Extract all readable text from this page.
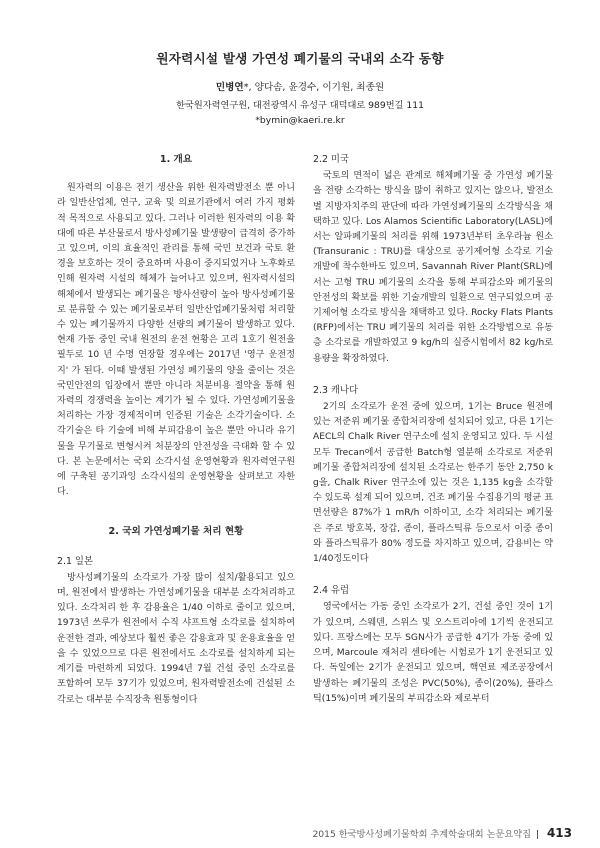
원자력시설 발생 가연성 폐기물의 국내외 소각 동향
민병연*, 양다솜, 윤경수, 이기원, 최종원
한국원자력연구원, 대전광역시 유성구 대덕대로 989번길 111
*bymin@kaeri.re.kr
1. 개요

원자력의 이용은 전기 생산을 위한 원자력발전소 뿐 아니라 일반산업체, 연구, 교육 및 의료기관에서 여러 가지 평화적 목적으로 사용되고 있다. 그러나 이러한 원자력의 이용 확대에 따른 부산물로서 방사성폐기물 발생량이 급격히 증가하고 있으며, 이의 효율적인 관리를 통해 국민 보건과 국토 환경을 보호하는 것이 중요하며 사용이 중지되었거나 노후화로 인해 원자력 시설의 해체가 늘어나고 있으며, 원자력시설의 해체에서 발생되는 폐기물은 방사선량이 높아 방사성폐기물로 분류할 수 있는 폐기물로부터 일반산업폐기물처럼 처리할 수 있는 폐기물까지 다양한 선량의 폐기물이 발생하고 있다. 현재 가동 중인 국내 원전의 운전 현황은 고리 1호기 원전을 필두로 10 년 수명 연장할 경우에는 2017년 '영구 운전정지' 가 된다. 이때 발생된 가연성 폐기물의 양을 줄이는 것은 국민안전의 입장에서 뿐만 아니라 처분비용 절약을 통해 원자력의 경쟁력을 높이는 계기가 될 수 있다. 가연성폐기물을 처리하는 가장 경제적이며 인증된 기술은 소각기술이다. 소각기술은 타 기술에 비해 부피감용이 높은 뿐만 아니라 유기물을 무기물로 변형시켜 처분장의 안전성을 극대화 할 수 있다. 본 논문에서는 국외 소각시설 운영현황과 원자력연구원에 구축된 공기과잉 소각시설의 운영현황을 살펴보고 자한다.

2. 국외 가연성폐기물 처리 현황
2.1 일본

방사성폐기물의 소각로가 가장 많이 설치/활용되고 있으며, 원전에서 발생하는 가연성폐기물을 대부분 소각처리하고 있다. 소각처리 한 후 감용율은 1/40 이하로 줄이고 있으며, 1973년 쓰루가 원전에서 수직 샤프트형 소각로를 설치하여 운전한 결과, 예상보다 훨씬 좋은 감용효과 및 운용효율을 얻을 수 있었으므로 다른 원전에서도 소각로를 설치하게 되는 계기를 마련하게 되었다. 1994년 7월 건설 중인 소각로를 포함하여 모두 37기가 있었으며, 원자력발전소에 건설된 소각로는 대부분 수직장축 원통형이다

2.2 미국

국토의 면적이 넓은 관계로 해체폐기물 중 가연성 폐기물을 전량 소각하는 방식을 많이 취하고 있지는 않으나, 발전소별 지방자치주의 판단에 따라 가연성폐기물의 소각방식을 채택하고 있다. Los Alamos Scientific Laboratory(LASL)에서는 알파폐기물의 처리를 위해 1973년부터 초우라늄 원소(Transuranic : TRU)를 대상으로 공기제어형 소각로 기술 개발에 착수한바도 있으며, Savannah River Plant(SRL)에서는 고형 TRU 폐기물의 소각을 통해 부피감소와 폐기물의 안전성의 확보를 위한 기술개발의 일환으로 연구되었으며 공기제어형 소각로 방식을 채택하고 있다. Rocky Flats Plants (RFP)에서는 TRU 폐기물의 처리를 위한 소각방법으로 유동층 소각로를 개발하였고 9 kg/h의 실증시험에서 82 kg/h로 용량을 확장하였다.

2.3 캐나다

2기의 소각로가 운전 중에 있으며, 1기는 Bruce 원전에 있는 저준위 폐기물 종합처리장에 설치되어 있고, 다른 1기는 AECL의 Chalk River 연구소에 설치 운영되고 있다. 두 시설 모두 Trecan에서 공급한 Batch형 열분해 소각로로 저준위폐기물 종합처리장에 설치된 소각로는 한주기 동안 2,750 kg을, Chalk River 연구소에 있는 것은 1,135 kg을 소각할 수 있도록 설계 되어 있으며, 건조 폐기물 수집용기의 평균 표면선량은 87%가 1 mR/h 이하이고, 소각 처리되는 폐기물은 주로 방호복, 장갑, 종이, 플라스틱류 등으로서 이중 종이와 플라스틱류가 80% 정도를 차지하고 있으며, 감용비는 약 1/40정도이다

2.4 유럽

영국에서는 가동 중인 소각로가 2기, 건설 중인 것이 1기가 있으며, 스웨덴, 스위스 및 오스트리아에 1기씩 운전되고 있다. 프랑스에는 모두 SGN사가 공급한 4기가 가동 중에 있으며, Marcoule 재처리 센타에는 시험로가 1기 운전되고 있다. 독일에는 2기가 운전되고 있으며, 핵연료 제조공장에서 발생하는 폐기물의 조성은 PVC(50%), 종이(20%), 플라스틱(15%)이며 폐기물의 부피감소와 제로부터

2015 한국방사성폐기물학회 추계학술대회 논문요약집 | 413
